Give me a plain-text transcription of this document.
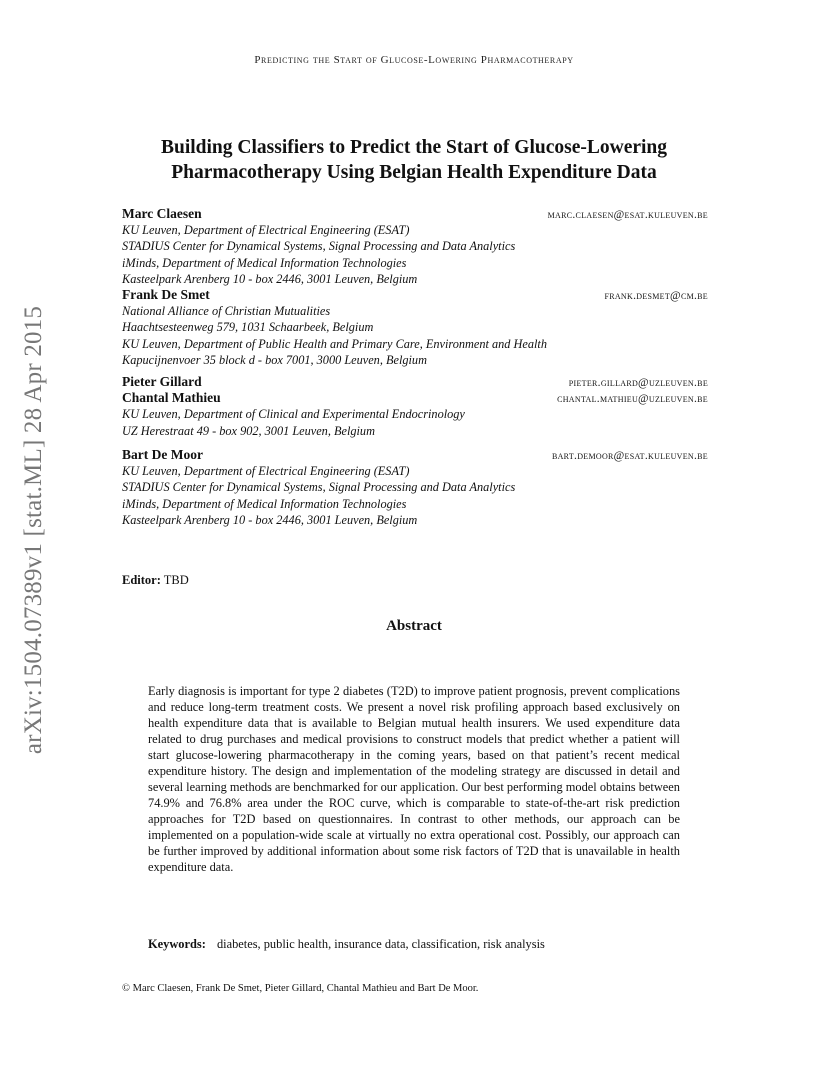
Predicting the Start of Glucose-Lowering Pharmacotherapy
arXiv:1504.07389v1 [stat.ML] 28 Apr 2015
Building Classifiers to Predict the Start of Glucose-Lowering
Pharmacotherapy Using Belgian Health Expenditure Data
Marc Claesen	marc.claesen@esat.kuleuven.be
KU Leuven, Department of Electrical Engineering (ESAT)
STADIUS Center for Dynamical Systems, Signal Processing and Data Analytics
iMinds, Department of Medical Information Technologies
Kasteelpark Arenberg 10 - box 2446, 3001 Leuven, Belgium
Frank De Smet	frank.desmet@cm.be
National Alliance of Christian Mutualities
Haachtsesteenweg 579, 1031 Schaarbeek, Belgium
KU Leuven, Department of Public Health and Primary Care, Environment and Health
Kapucijnenvoer 35 block d - box 7001, 3000 Leuven, Belgium
Pieter Gillard	pieter.gillard@uzleuven.be
Chantal Mathieu	chantal.mathieu@uzleuven.be
KU Leuven, Department of Clinical and Experimental Endocrinology
UZ Herestraat 49 - box 902, 3001 Leuven, Belgium
Bart De Moor	bart.demoor@esat.kuleuven.be
KU Leuven, Department of Electrical Engineering (ESAT)
STADIUS Center for Dynamical Systems, Signal Processing and Data Analytics
iMinds, Department of Medical Information Technologies
Kasteelpark Arenberg 10 - box 2446, 3001 Leuven, Belgium
Editor: TBD
Abstract
Early diagnosis is important for type 2 diabetes (T2D) to improve patient prognosis, prevent complications and reduce long-term treatment costs. We present a novel risk profiling approach based exclusively on health expenditure data that is available to Belgian mutual health insurers. We used expenditure data related to drug purchases and medical provisions to construct models that predict whether a patient will start glucose-lowering pharmacotherapy in the coming years, based on that patient’s recent medical expenditure history. The design and implementation of the modeling strategy are discussed in detail and several learning methods are benchmarked for our application. Our best performing model obtains between 74.9% and 76.8% area under the ROC curve, which is comparable to state-of-the-art risk prediction approaches for T2D based on questionnaires. In contrast to other methods, our approach can be implemented on a population-wide scale at virtually no extra operational cost. Possibly, our approach can be further improved by additional information about some risk factors of T2D that is unavailable in health expenditure data.
Keywords: diabetes, public health, insurance data, classification, risk analysis
© Marc Claesen, Frank De Smet, Pieter Gillard, Chantal Mathieu and Bart De Moor.
